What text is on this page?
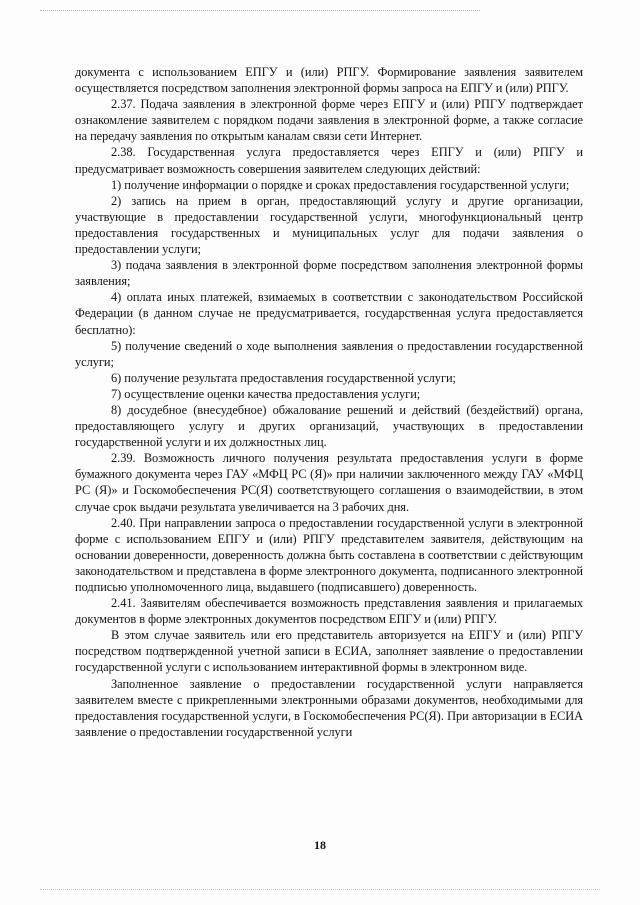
документа с использованием ЕПГУ и (или) РПГУ. Формирование заявления заявителем осуществляется посредством заполнения электронной формы запроса на ЕПГУ и (или) РПГУ.

2.37. Подача заявления в электронной форме через ЕПГУ и (или) РПГУ подтверждает ознакомление заявителем с порядком подачи заявления в электронной форме, а также согласие на передачу заявления по открытым каналам связи сети Интернет.

2.38. Государственная услуга предоставляется через ЕПГУ и (или) РПГУ и предусматривает возможность совершения заявителем следующих действий:

1) получение информации о порядке и сроках предоставления государственной услуги;

2) запись на прием в орган, предоставляющий услугу и другие организации, участвующие в предоставлении государственной услуги, многофункциональный центр предоставления государственных и муниципальных услуг для подачи заявления о предоставлении услуги;

3) подача заявления в электронной форме посредством заполнения электронной формы заявления;

4) оплата иных платежей, взимаемых в соответствии с законодательством Российской Федерации (в данном случае не предусматривается, государственная услуга предоставляется бесплатно):

5) получение сведений о ходе выполнения заявления о предоставлении государственной услуги;

6) получение результата предоставления государственной услуги;

7) осуществление оценки качества предоставления услуги;

8) досудебное (внесудебное) обжалование решений и действий (бездействий) органа, предоставляющего услугу и других организаций, участвующих в предоставлении государственной услуги и их должностных лиц.

2.39. Возможность личного получения результата предоставления услуги в форме бумажного документа через ГАУ «МФЦ РС (Я)» при наличии заключенного между ГАУ «МФЦ РС (Я)» и Госкомобеспечения РС(Я) соответствующего соглашения о взаимодействии, в этом случае срок выдачи результата увеличивается на 3 рабочих дня.

2.40. При направлении запроса о предоставлении государственной услуги в электронной форме с использованием ЕПГУ и (или) РПГУ представителем заявителя, действующим на основании доверенности, доверенность должна быть составлена в соответствии с действующим законодательством и представлена в форме электронного документа, подписанного электронной подписью уполномоченного лица, выдавшего (подписавшего) доверенность.

2.41. Заявителям обеспечивается возможность представления заявления и прилагаемых документов в форме электронных документов посредством ЕПГУ и (или) РПГУ.

В этом случае заявитель или его представитель авторизуется на ЕПГУ и (или) РПГУ посредством подтвержденной учетной записи в ЕСИА, заполняет заявление о предоставлении государственной услуги с использованием интерактивной формы в электронном виде.

Заполненное заявление о предоставлении государственной услуги направляется заявителем вместе с прикрепленными электронными образами документов, необходимыми для предоставления государственной услуги, в Госкомобеспечения РС(Я). При авторизации в ЕСИА заявление о предоставлении государственной услуги

18
